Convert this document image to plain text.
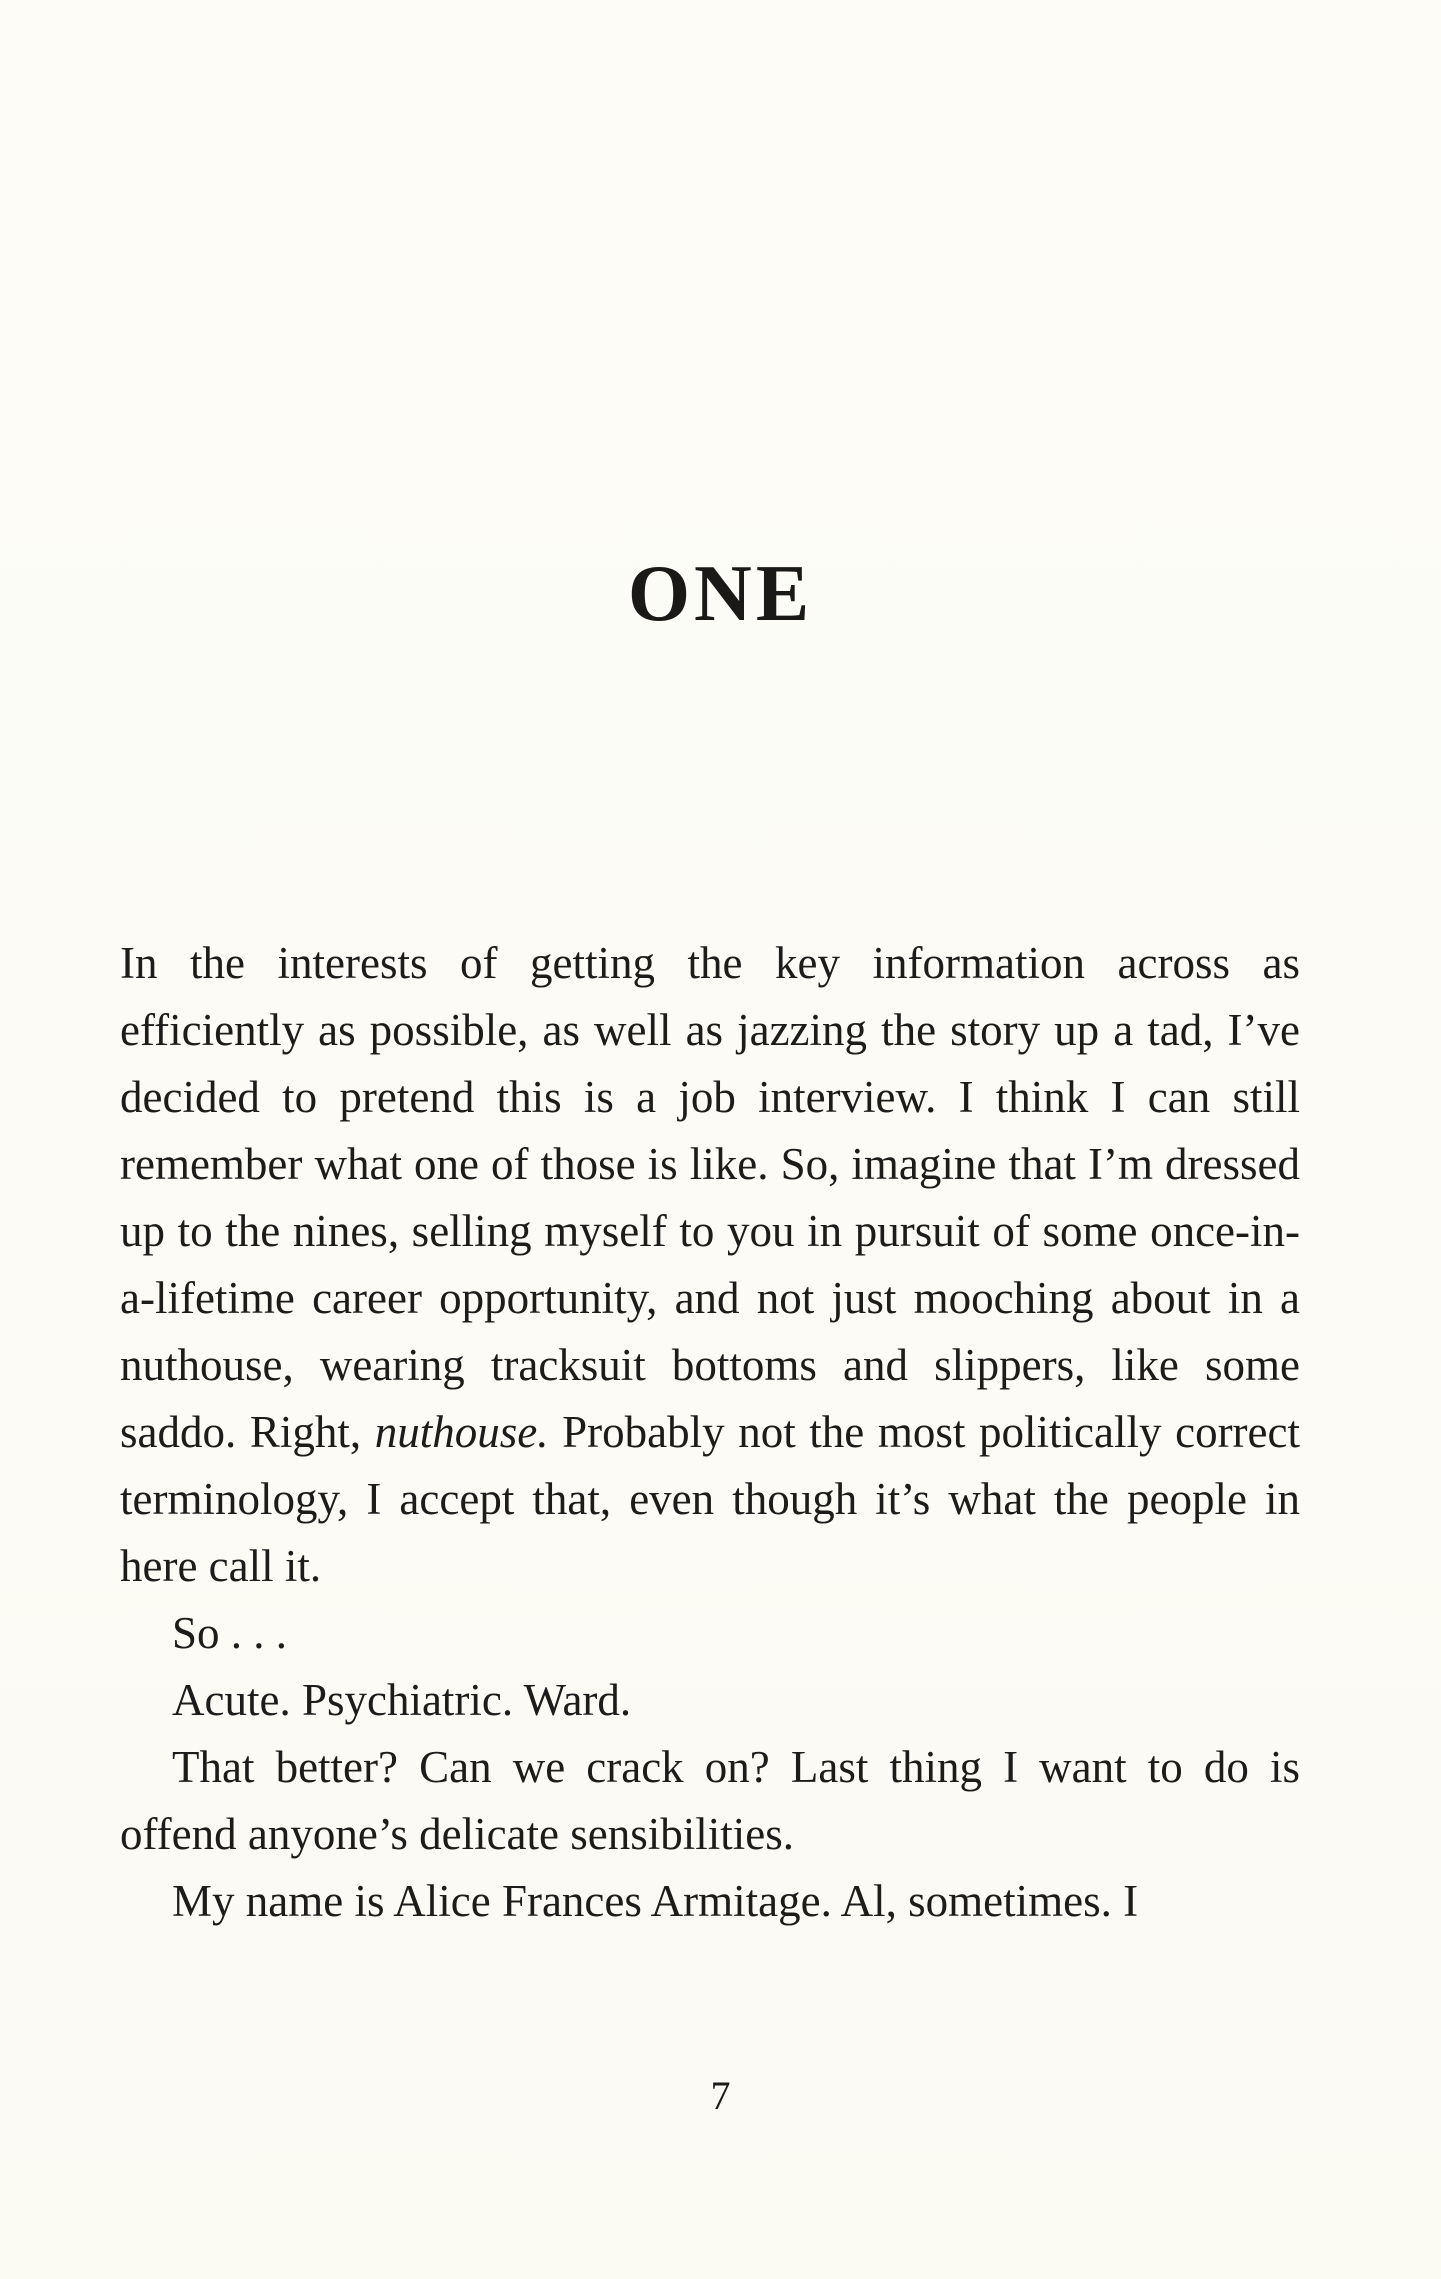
ONE

In the interests of getting the key information across as efficiently as possible, as well as jazzing the story up a tad, I’ve decided to pretend this is a job interview. I think I can still remember what one of those is like. So, imagine that I’m dressed up to the nines, selling myself to you in pursuit of some once-in-a-lifetime career opportunity, and not just mooching about in a nuthouse, wearing tracksuit bottoms and slippers, like some saddo. Right, nuthouse. Probably not the most politically correct terminology, I accept that, even though it’s what the people in here call it.

So . . .

Acute. Psychiatric. Ward.

That better? Can we crack on? Last thing I want to do is offend anyone’s delicate sensibilities.

My name is Alice Frances Armitage. Al, sometimes. I

7
